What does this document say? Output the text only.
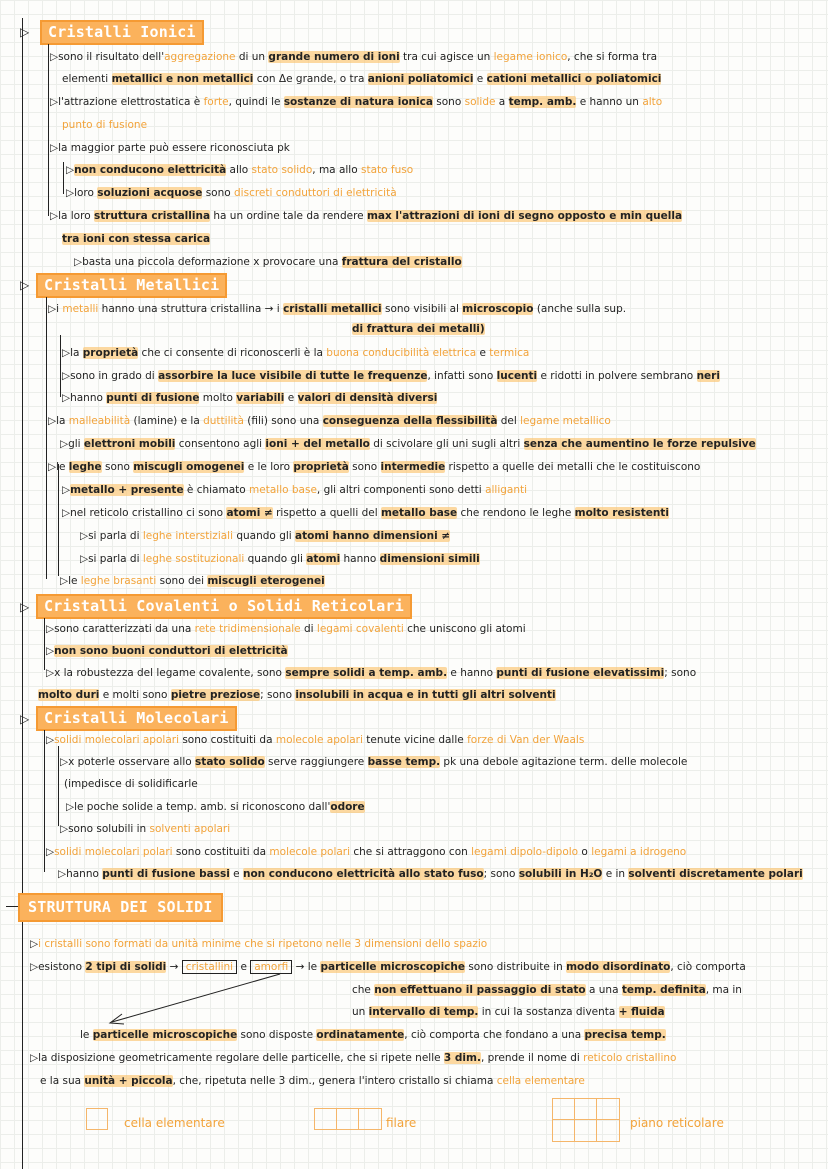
▷	Cristalli Ionici
▷sono il risultato dell'aggregazione di un grande numero di ioni tra cui agisce un legame ionico, che si forma tra
elementi metallici e non metallici con Δe grande, o tra anioni poliatomici e cationi metallici o poliatomici
▷l'attrazione elettrostatica è forte, quindi le sostanze di natura ionica sono solide a temp. amb. e hanno un alto
punto di fusione
▷la maggior parte può essere riconosciuta pk
▷non conducono elettricità allo stato solido, ma allo stato fuso
▷loro soluzioni acquose sono discreti conduttori di elettricità
▷la loro struttura cristallina ha un ordine tale da rendere max l'attrazioni di ioni di segno opposto e min quella
tra ioni con stessa carica
▷basta una piccola deformazione x provocare una frattura del cristallo
▷ Cristalli Metallici
▷i metalli hanno una struttura cristallina → i cristalli metallici sono visibili al microscopio (anche sulla sup.
di frattura dei metalli)
▷la proprietà che ci consente di riconoscerli è la buona conducibilità elettrica e termica
▷sono in grado di assorbire la luce visibile di tutte le frequenze, infatti sono lucenti e ridotti in polvere sembrano neri
▷hanno punti di fusione molto variabili e valori di densità diversi
▷la malleabilità (lamine) e la duttilità (fili) sono una conseguenza della flessibilità del legame metallico
▷gli elettroni mobili consentono agli ioni + del metallo di scivolare gli uni sugli altri senza che aumentino le forze repulsive
▷le leghe sono miscugli omogenei e le loro proprietà sono intermedie rispetto a quelle dei metalli che le costituiscono
▷metallo + presente è chiamato metallo base, gli altri componenti sono detti alliganti
▷nel reticolo cristallino ci sono atomi ≠ rispetto a quelli del metallo base che rendono le leghe molto resistenti
▷si parla di leghe interstiziali quando gli atomi hanno dimensioni ≠
▷si parla di leghe sostituzionali quando gli atomi hanno dimensioni simili
▷le leghe brasanti sono dei miscugli eterogenei
▷ Cristalli Covalenti o Solidi Reticolari
▷sono caratterizzati da una rete tridimensionale di legami covalenti che uniscono gli atomi
▷non sono buoni conduttori di elettricità
▷x la robustezza del legame covalente, sono sempre solidi a temp. amb. e hanno punti di fusione elevatissimi; sono
molto duri e molti sono pietre preziose; sono insolubili in acqua e in tutti gli altri solventi
▷ Cristalli Molecolari
▷solidi molecolari apolari sono costituiti da molecole apolari tenute vicine dalle forze di Van der Waals
▷x poterle osservare allo stato solido serve raggiungere basse temp. pk una debole agitazione term. delle molecole
(impedisce di solidificarle
▷le poche solide a temp. amb. si riconoscono dall'odore
▷sono solubili in solventi apolari
▷solidi molecolari polari sono costituiti da molecole polari che si attraggono con legami dipolo-dipolo o legami a idrogeno
▷hanno punti di fusione bassi e non conducono elettricità allo stato fuso; sono solubili in H₂O e in solventi discretamente polari
STRUTTURA DEI SOLIDI
▷i cristalli sono formati da unità minime che si ripetono nelle 3 dimensioni dello spazio
▷esistono 2 tipi di solidi → cristallini e amorfi → le particelle microscopiche sono distribuite in modo disordinato, ciò comporta
che non effettuano il passaggio di stato a una temp. definita, ma in
un intervallo di temp. in cui la sostanza diventa + fluida
le particelle microscopiche sono disposte ordinatamente, ciò comporta che fondano a una precisa temp.
▷la disposizione geometricamente regolare delle particelle, che si ripete nelle 3 dim., prende il nome di reticolo cristallino
e la sua unità + piccola, che, ripetuta nelle 3 dim., genera l'intero cristallo si chiama cella elementare
cella elementare	filare	piano reticolare
